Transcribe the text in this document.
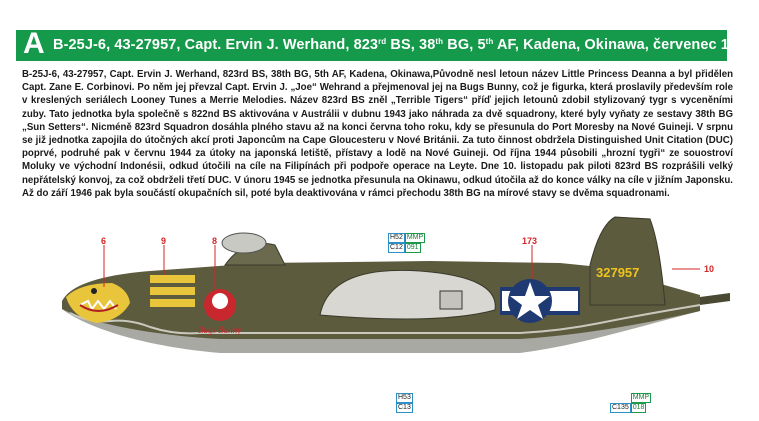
A B-25J-6, 43-27957, Capt. Ervin J. Werhand, 823rd BS, 38th BG, 5th AF, Kadena, Okinawa, červenec 1945
B-25J-6, 43-27957, Capt. Ervin J. Werhand, 823rd BS, 38th BG, 5th AF, Kadena, Okinawa,Původně nesl letoun název Little Princess Deanna a byl přidělen Capt. Zane E. Corbinovi. Po něm jej převzal Capt. Ervin J. „Joe“ Wehrand a přejmenoval jej na Bugs Bunny, což je figurka, která proslavily především role v kreslených seriálech Looney Tunes a Merrie Melodies. Název 823rd BS zněl „Terrible Tigers“ příď jejich letounů zdobil stylizovaný tygr s vyceněními zuby. Tato jednotka byla společně s 822nd BS aktivována v Austrálii v dubnu 1943 jako náhrada za dvě squadrony, které byly vyňaty ze sestavy 38th BG „Sun Setters“. Nicméně 823rd Squadron dosáhla plného stavu až na konci června toho roku, kdy se přesunula do Port Moresby na Nové Guineji. V srpnu se již jednotka zapojila do útočných akcí proti Japoncům na Cape Gloucesteru v Nové Británii. Za tuto činnost obdržela Distinguished Unit Citation (DUC) poprvé, podruhé pak v červnu 1944 za útoky na japonská letiště, přístavy a lodě na Nové Guineji. Od října 1944 působili „hrozní tygři“ ze souostroví Moluky ve východní Indonésii, odkud útočili na cíle na Filipínách při podpoře operace na Leyte. Dne 10. listopadu pak piloti 823rd BS rozprášili velký nepřátelský konvoj, za což obdrželi třetí DUC. V únoru 1945 se jednotka přesunula na Okinawu, odkud útočila až do konce války na cíle v jižním Japonsku. Až do září 1946 pak byla součástí okupačních sil, poté byla deaktivována v rámci přechodu 38th BG na mírové stavy se dvěma squadronami.
327957
Bugs Bunny
6	9	8	173
10
H52 MMP
C12 091
H53
C13
MMP
C135 018
